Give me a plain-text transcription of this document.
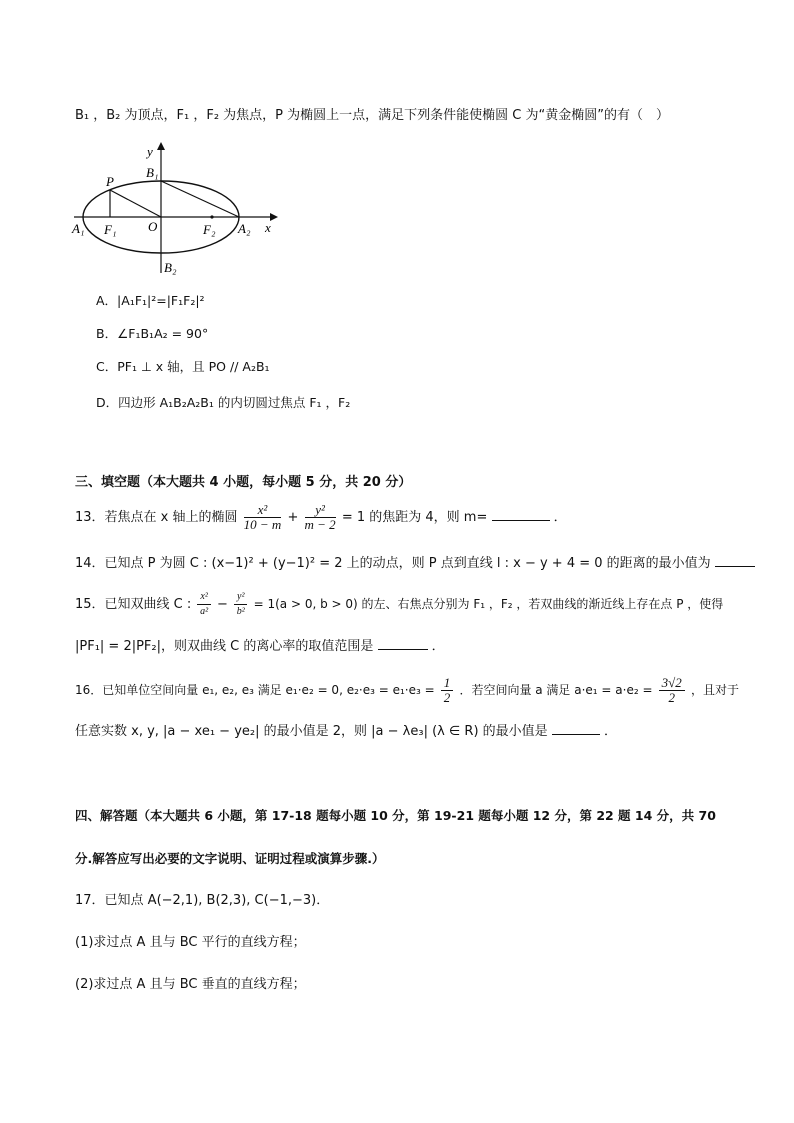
B₁ ，B₂ 为顶点，F₁ ，F₂ 为焦点，P 为椭圆上一点，满足下列条件能使椭圆 C 为“黄金椭圆”的有（　）
y
x
P
B₁
B₂
A₁	A₂
F₁	F₂
O
A．|A₁F₁|²=|F₁F₂|²
B．∠F₁B₁A₂ = 90°
C．PF₁ ⊥ x 轴，且 PO // A₂B₁
D．四边形 A₁B₂A₂B₁ 的内切圆过焦点 F₁ ，F₂
三、填空题（本大题共 4 小题，每小题 5 分，共 20 分）
13．若焦点在 x 轴上的椭圆 $\frac{\text{x²}}{10 - m} + \frac{\text{y²}}{m - 2} = 1$ 的焦距为 4，则 m=	．
14．已知点 P 为圆 C : (x−1)² + (y−1)² = 2 上的动点，则 P 点到直线 l : x − y + 4 = 0 的距离的最小值为
15．已知双曲线 C : $\frac{\text{x²}}{\text{a²}} - \frac{\text{y²}}{\text{b²}} = 1(a > 0$, b > 0) 的左、右焦点分别为 F₁ ，F₂ ，若双曲线的渐近线上存在点 P ，使得
|PF₁| = 2|PF₂|，则双曲线 C 的离心率的取值范围是	．
16．已知单位空间向量 e₁, e₂, e₃ 满足 e₁·e₂ = 0, $e_2\cdot e_3 = e_1\cdot e_3 = \frac{1}{2}$ ．若空间向量 a 满足 $a\cdot e_1 = a\cdot e_2 = \frac{3√2}{2}$ ，且对于
任意实数 x, y, |a − xe₁ − ye₂| 的最小值是 2，则 |a − λe₃| (λ ∈ R) 的最小值是	．
四、解答题（本大题共 6 小题，第 17-18 题每小题 10 分，第 19-21 题每小题 12 分，第 22 题 14 分，共 70
分.解答应写出必要的文字说明、证明过程或演算步骤.）
17．已知点 A(−2,1), B(2,3), C(−1,−3)．
(1)求过点 A 且与 BC 平行的直线方程；
(2)求过点 A 且与 BC 垂直的直线方程；
